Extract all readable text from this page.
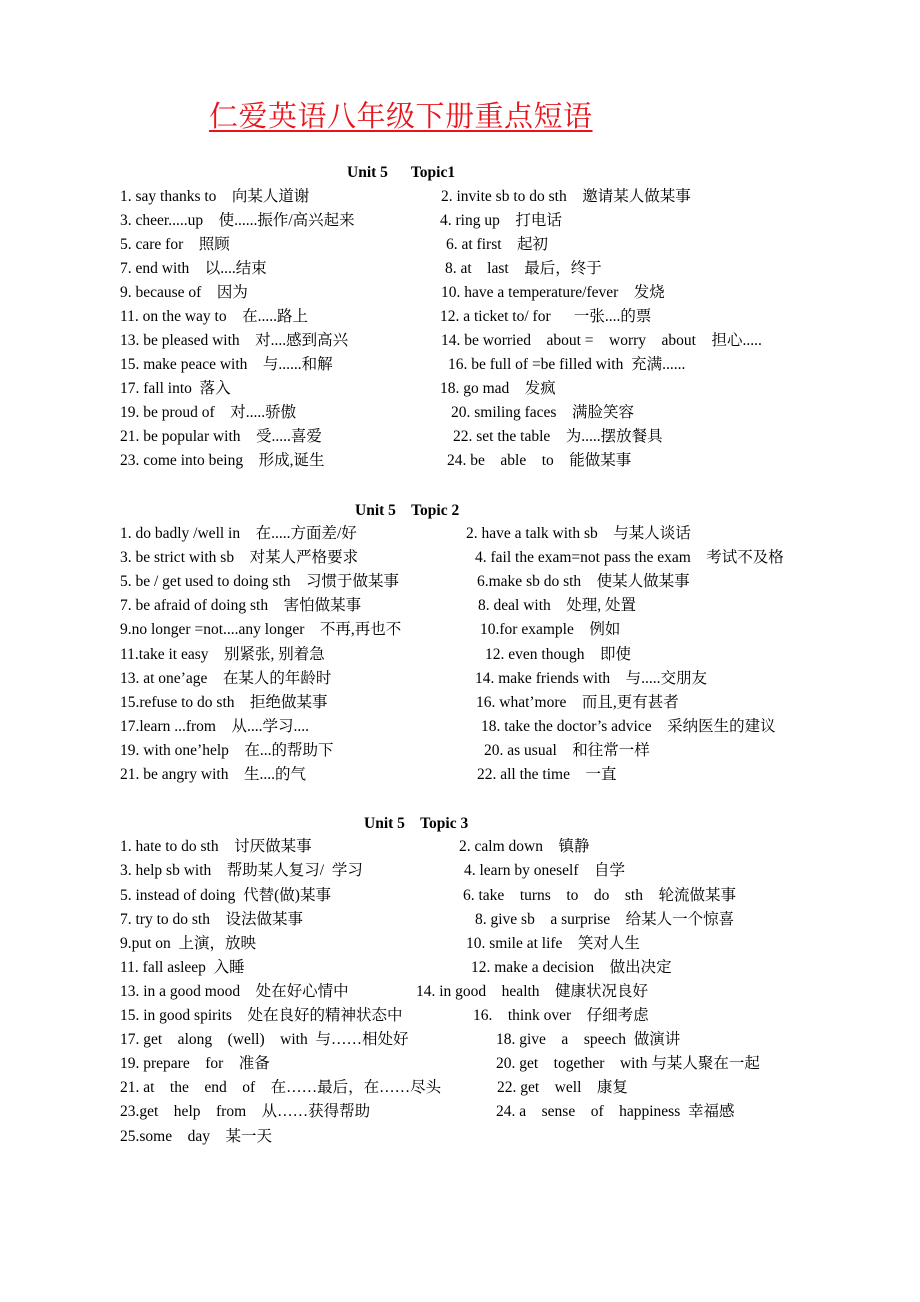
仁爱英语八年级下册重点短语
Unit 5      Topic1
1. say thanks to    向某人道谢	2. invite sb to do sth    邀请某人做某事
3. cheer.....up    使......振作/高兴起来	4. ring up    打电话
5. care for    照顾	6. at first    起初
7. end with    以....结束	8. at    last    最后，终于
9. because of    因为	10. have a temperature/fever    发烧
11. on the way to    在.....路上	12. a ticket to/ for      一张....的票
13. be pleased with    对....感到高兴	14. be worried    about =    worry    about    担心.....
15. make peace with    与......和解	16. be full of =be filled with  充满......
17. fall into  落入	18. go mad    发疯
19. be proud of    对.....骄傲	20. smiling faces    满脸笑容
21. be popular with    受.....喜爱	22. set the table    为.....摆放餐具
23. come into being    形成,诞生	24. be    able    to    能做某事
Unit 5    Topic 2
1. do badly /well in    在.....方面差/好	2. have a talk with sb    与某人谈话
3. be strict with sb    对某人严格要求	4. fail the exam=not pass the exam    考试不及格
5. be / get used to doing sth    习惯于做某事	6.make sb do sth    使某人做某事
7. be afraid of doing sth    害怕做某事	8. deal with    处理, 处置
9.no longer =not....any longer    不再,再也不	10.for example    例如
11.take it easy    别紧张, 别着急	12. even though    即使
13. at one’age    在某人的年龄时	14. make friends with    与.....交朋友
15.refuse to do sth    拒绝做某事	16. what’more    而且,更有甚者
17.learn ...from    从....学习....	18. take the doctor’s advice    采纳医生的建议
19. with one’help    在...的帮助下	20. as usual    和往常一样
21. be angry with    生....的气	22. all the time    一直
Unit 5    Topic 3
1. hate to do sth    讨厌做某事	2. calm down    镇静
3. help sb with    帮助某人复习/  学习	4. learn by oneself    自学
5. instead of doing  代替(做)某事	6. take    turns    to    do    sth    轮流做某事
7. try to do sth    设法做某事	8. give sb    a surprise    给某人一个惊喜
9.put on  上演，放映	10. smile at life    笑对人生
11. fall asleep  入睡	12. make a decision    做出决定
13. in a good mood    处在好心情中	14. in good    health    健康状况良好
15. in good spirits    处在良好的精神状态中	16.    think over    仔细考虑
17. get    along    (well)    with  与……相处好	18. give    a    speech  做演讲
19. prepare    for    准备	20. get    together    with 与某人聚在一起
21. at    the    end    of    在……最后，在……尽头	22. get    well    康复
23.get    help    from    从……获得帮助	24. a    sense    of    happiness  幸福感
25.some    day    某一天
